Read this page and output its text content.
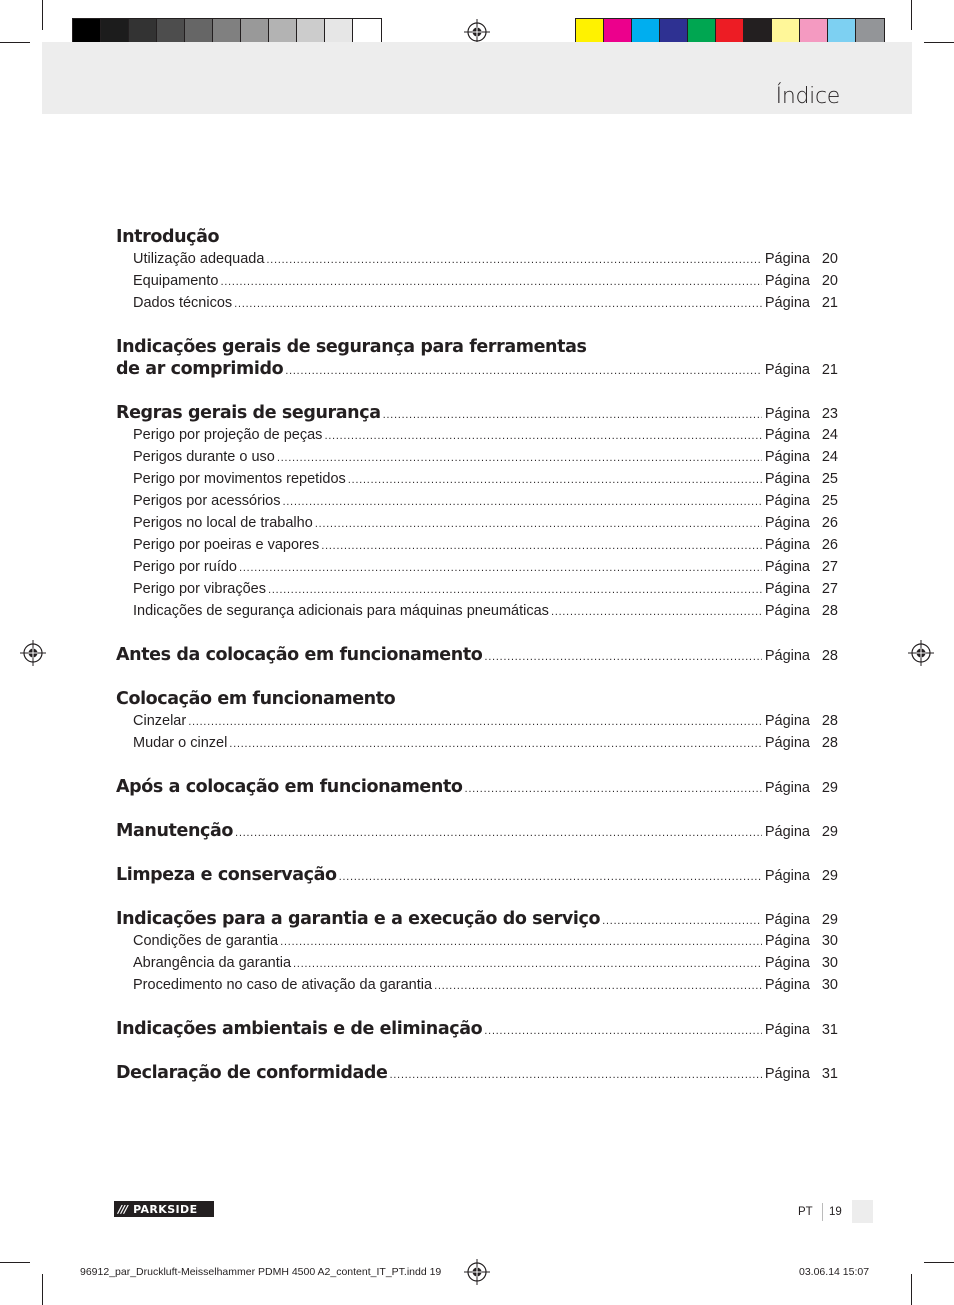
Índice
Introdução
Utilização adequada .....	Página 20
Equipamento .....	Página 20
Dados técnicos .....	Página 21
Indicações gerais de segurança para ferramentas
de ar comprimido .....	Página 21
Regras gerais de segurança .....	Página 23
Perigo por projeção de peças .....	Página 24
Perigos durante o uso .....	Página 24
Perigo por movimentos repetidos .....	Página 25
Perigos por acessórios .....	Página 25
Perigos no local de trabalho .....	Página 26
Perigo por poeiras e vapores .....	Página 26
Perigo por ruído .....	Página 27
Perigo por vibrações .....	Página 27
Indicações de segurança adicionais para máquinas pneumáticas .....	Página 28
Antes da colocação em funcionamento .....	Página 28
Colocação em funcionamento
Cinzelar .....	Página 28
Mudar o cinzel .....	Página 28
Após a colocação em funcionamento .....	Página 29
Manutenção .....	Página 29
Limpeza e conservação .....	Página 29
Indicações para a garantia e a execução do serviço .....	Página 29
Condições de garantia .....	Página 30
Abrangência da garantia .....	Página 30
Procedimento no caso de ativação da garantia .....	Página 30
Indicações ambientais e de eliminação .....	Página 31
Declaração de conformidade .....	Página 31
/// PARKSIDE	PT	19
96912_par_Druckluft-Meisselhammer PDMH 4500 A2_content_IT_PT.indd 19	03.06.14 15:07
